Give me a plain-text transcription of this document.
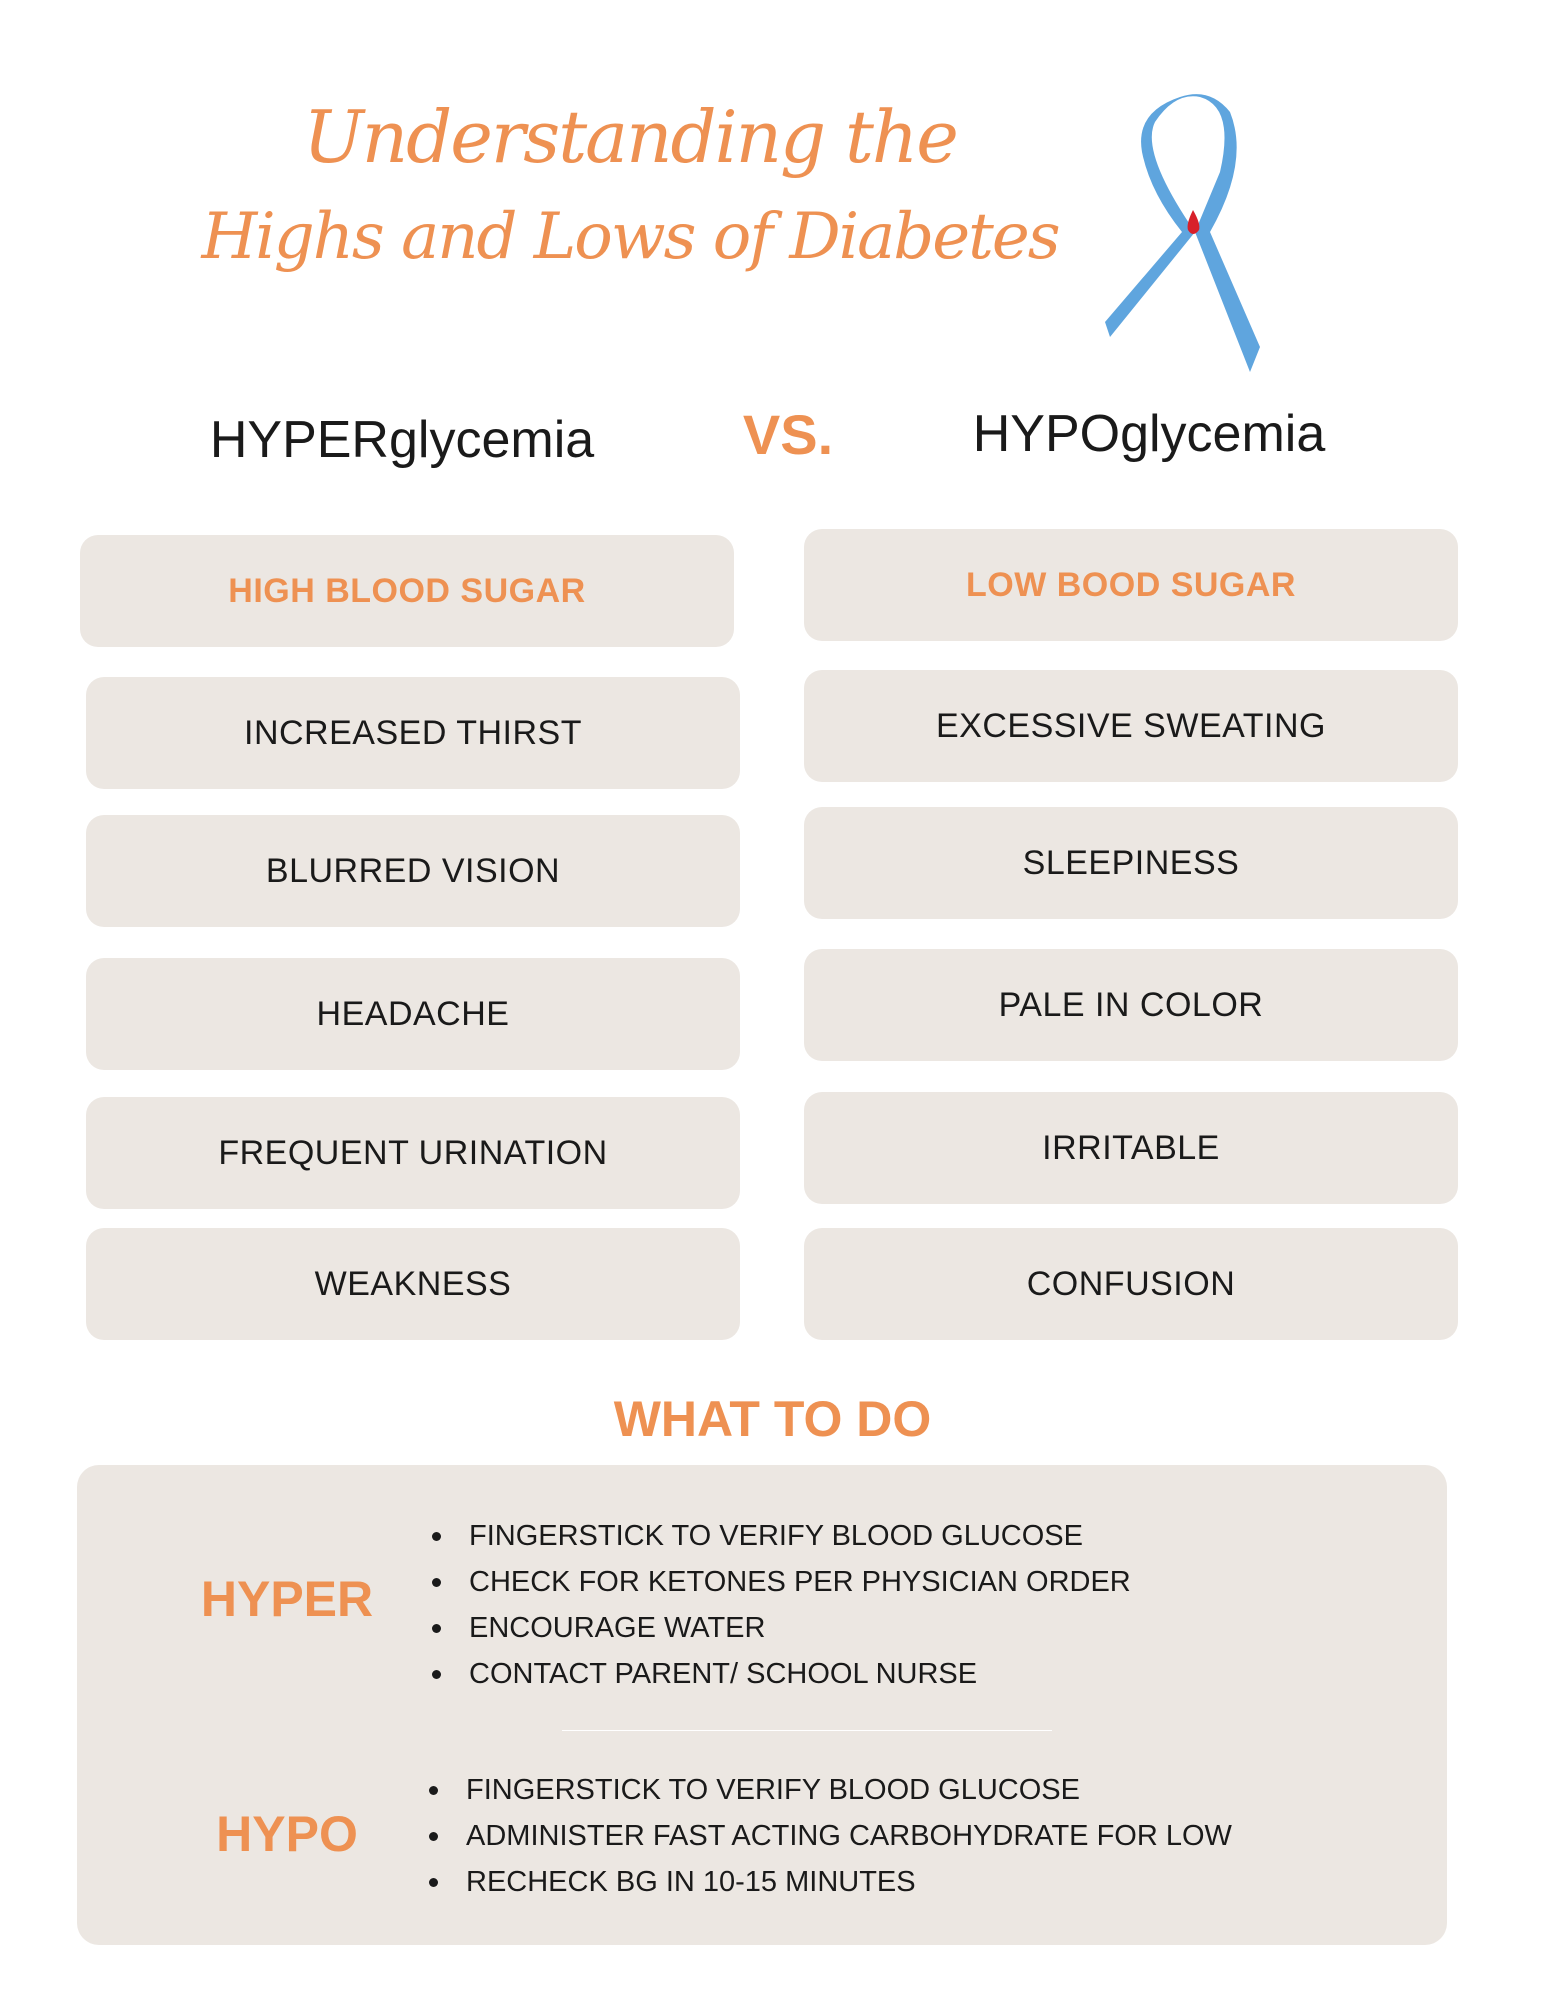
Understanding the
Highs and Lows of Diabetes
HYPERglycemia	VS.	HYPOglycemia
HIGH BLOOD SUGAR
INCREASED THIRST
BLURRED VISION
HEADACHE
FREQUENT URINATION
WEAKNESS
LOW BOOD SUGAR
EXCESSIVE SWEATING
SLEEPINESS
PALE IN COLOR
IRRITABLE
CONFUSION
WHAT TO DO
HYPER
FINGERSTICK TO VERIFY BLOOD GLUCOSE
CHECK FOR KETONES PER PHYSICIAN ORDER
ENCOURAGE WATER
CONTACT PARENT/ SCHOOL NURSE
HYPO
FINGERSTICK TO VERIFY BLOOD GLUCOSE
ADMINISTER FAST ACTING CARBOHYDRATE FOR LOW
RECHECK BG IN 10-15 MINUTES
